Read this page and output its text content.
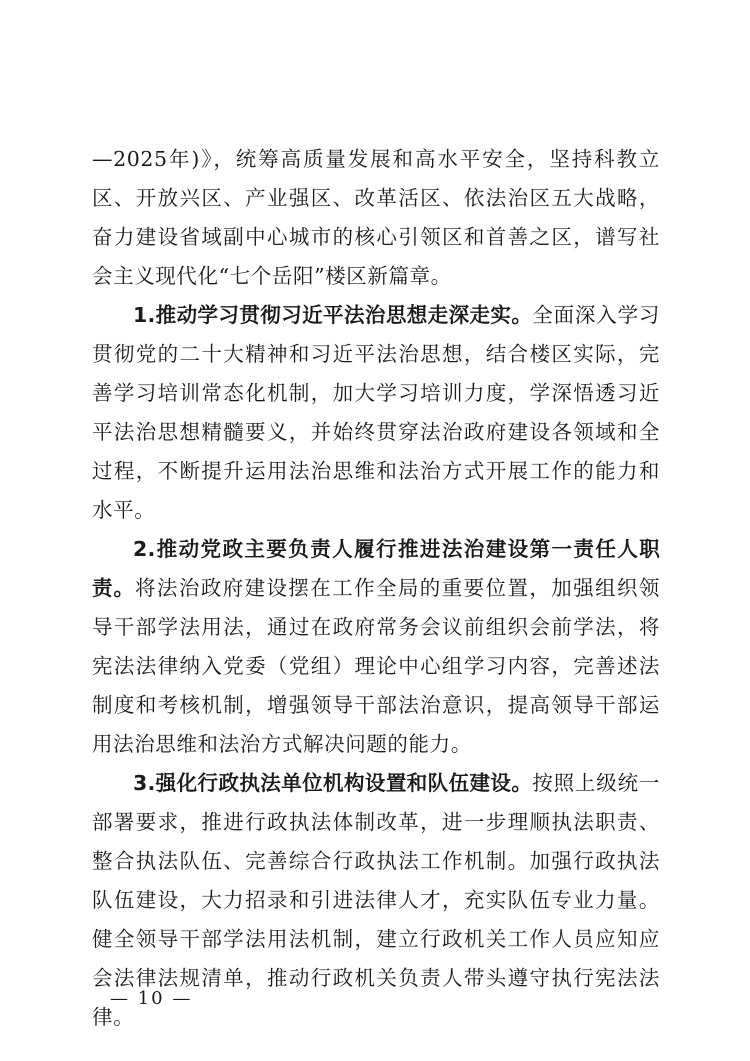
—2025年)》，统筹高质量发展和高水平安全，坚持科教立区、开放兴区、产业强区、改革活区、依法治区五大战略，奋力建设省域副中心城市的核心引领区和首善之区，谱写社会主义现代化“七个岳阳”楼区新篇章。

1.推动学习贯彻习近平法治思想走深走实。全面深入学习贯彻党的二十大精神和习近平法治思想，结合楼区实际，完善学习培训常态化机制，加大学习培训力度，学深悟透习近平法治思想精髓要义，并始终贯穿法治政府建设各领域和全过程，不断提升运用法治思维和法治方式开展工作的能力和水平。

2.推动党政主要负责人履行推进法治建设第一责任人职责。将法治政府建设摆在工作全局的重要位置，加强组织领导干部学法用法，通过在政府常务会议前组织会前学法，将宪法法律纳入党委（党组）理论中心组学习内容，完善述法制度和考核机制，增强领导干部法治意识，提高领导干部运用法治思维和法治方式解决问题的能力。

3.强化行政执法单位机构设置和队伍建设。按照上级统一部署要求，推进行政执法体制改革，进一步理顺执法职责、整合执法队伍、完善综合行政执法工作机制。加强行政执法队伍建设，大力招录和引进法律人才，充实队伍专业力量。健全领导干部学法用法机制，建立行政机关工作人员应知应会法律法规清单，推动行政机关负责人带头遵守执行宪法法律。

— 10 —
